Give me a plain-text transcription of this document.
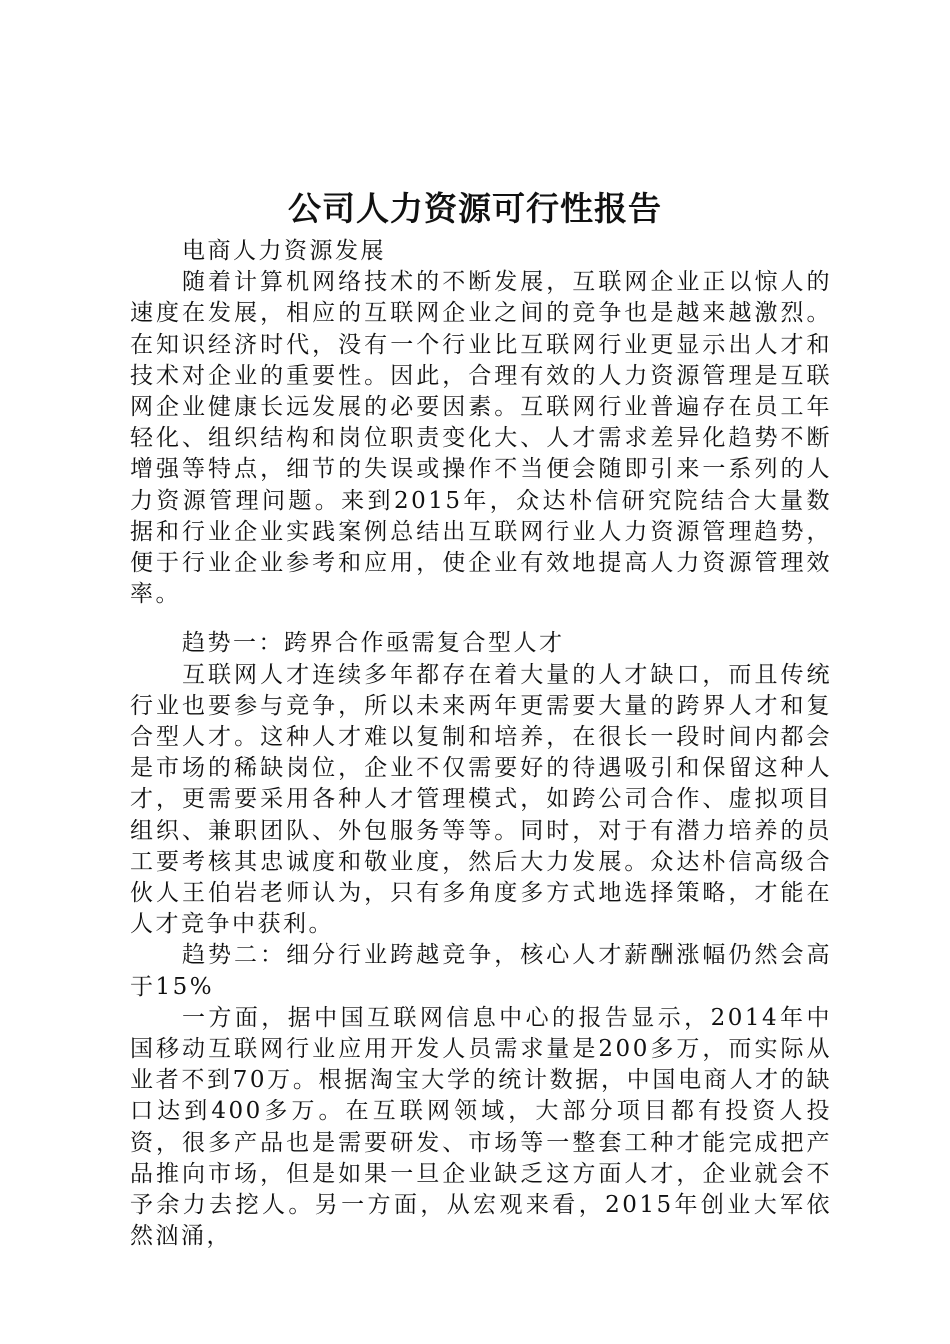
公司人力资源可行性报告

电商人力资源发展

随着计算机网络技术的不断发展，互联网企业正以惊人的速度在发展，相应的互联网企业之间的竞争也是越来越激烈。在知识经济时代，没有一个行业比互联网行业更显示出人才和技术对企业的重要性。因此，合理有效的人力资源管理是互联网企业健康长远发展的必要因素。互联网行业普遍存在员工年轻化、组织结构和岗位职责变化大、人才需求差异化趋势不断增强等特点，细节的失误或操作不当便会随即引来一系列的人力资源管理问题。来到2015年，众达朴信研究院结合大量数据和行业企业实践案例总结出互联网行业人力资源管理趋势，便于行业企业参考和应用，使企业有效地提高人力资源管理效率。

趋势一：跨界合作亟需复合型人才

互联网人才连续多年都存在着大量的人才缺口，而且传统行业也要参与竞争，所以未来两年更需要大量的跨界人才和复合型人才。这种人才难以复制和培养，在很长一段时间内都会是市场的稀缺岗位，企业不仅需要好的待遇吸引和保留这种人才，更需要采用各种人才管理模式，如跨公司合作、虚拟项目组织、兼职团队、外包服务等等。同时，对于有潜力培养的员工要考核其忠诚度和敬业度，然后大力发展。众达朴信高级合伙人王伯岩老师认为，只有多角度多方式地选择策略，才能在人才竞争中获利。

趋势二：细分行业跨越竞争，核心人才薪酬涨幅仍然会高于15%

一方面，据中国互联网信息中心的报告显示，2014年中国移动互联网行业应用开发人员需求量是200多万，而实际从业者不到70万。根据淘宝大学的统计数据，中国电商人才的缺口达到400多万。在互联网领域，大部分项目都有投资人投资，很多产品也是需要研发、市场等一整套工种才能完成把产品推向市场，但是如果一旦企业缺乏这方面人才，企业就会不予余力去挖人。另一方面，从宏观来看，2015年创业大军依然汹涌，
